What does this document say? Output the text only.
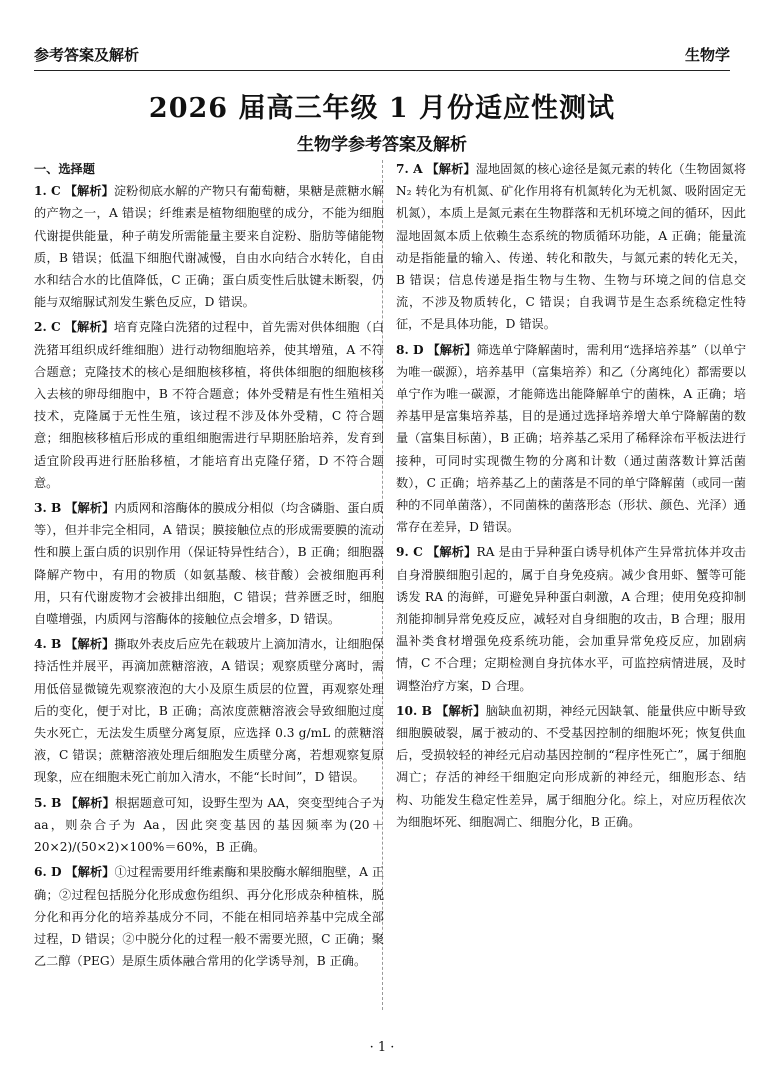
参考答案及解析	生物学
2026 届高三年级 1 月份适应性测试
生物学参考答案及解析
一、选择题
1. C 【解析】淀粉彻底水解的产物只有葡萄糖，果糖是蔗糖水解的产物之一，A 错误；纤维素是植物细胞壁的成分，不能为细胞代谢提供能量，种子萌发所需能量主要来自淀粉、脂肪等储能物质，B 错误；低温下细胞代谢减慢，自由水向结合水转化，自由水和结合水的比值降低，C 正确；蛋白质变性后肽键未断裂，仍能与双缩脲试剂发生紫色反应，D 错误。
2. C 【解析】培育克隆白洗猪的过程中，首先需对供体细胞（白洗猪耳组织成纤维细胞）进行动物细胞培养，使其增殖，A 不符合题意；克隆技术的核心是细胞核移植，将供体细胞的细胞核移入去核的卵母细胞中，B 不符合题意；体外受精是有性生殖相关技术，克隆属于无性生殖，该过程不涉及体外受精，C 符合题意；细胞核移植后形成的重组细胞需进行早期胚胎培养，发育到适宜阶段再进行胚胎移植，才能培育出克隆仔猪，D 不符合题意。
3. B 【解析】内质网和溶酶体的膜成分相似（均含磷脂、蛋白质等），但并非完全相同，A 错误；膜接触位点的形成需要膜的流动性和膜上蛋白质的识别作用（保证特异性结合），B 正确；细胞器降解产物中，有用的物质（如氨基酸、核苷酸）会被细胞再利用，只有代谢废物才会被排出细胞，C 错误；营养匮乏时，细胞自噬增强，内质网与溶酶体的接触位点会增多，D 错误。
4. B 【解析】撕取外表皮后应先在载玻片上滴加清水，让细胞保持活性并展平，再滴加蔗糖溶液，A 错误；观察质壁分离时，需用低倍显微镜先观察液泡的大小及原生质层的位置，再观察处理后的变化，便于对比，B 正确；高浓度蔗糖溶液会导致细胞过度失水死亡，无法发生质壁分离复原，应选择 0.3 g/mL 的蔗糖溶液，C 错误；蔗糖溶液处理后细胞发生质壁分离，若想观察复原现象，应在细胞未死亡前加入清水，不能“长时间”，D 错误。
5. B 【解析】根据题意可知，设野生型为 AA，突变型纯合子为 aa，则杂合子为 Aa，因此突变基因的基因频率为(20＋20×2)/(50×2)×100%＝60%，B 正确。
6. D 【解析】①过程需要用纤维素酶和果胶酶水解细胞壁，A 正确；②过程包括脱分化形成愈伤组织、再分化形成杂种植株，脱分化和再分化的培养基成分不同，不能在相同培养基中完成全部过程，D 错误；②中脱分化的过程一般不需要光照，C 正确；聚乙二醇（PEG）是原生质体融合常用的化学诱导剂，B 正确。
7. A 【解析】湿地固氮的核心途径是氮元素的转化（生物固氮将 N₂ 转化为有机氮、矿化作用将有机氮转化为无机氮、吸附固定无机氮），本质上是氮元素在生物群落和无机环境之间的循环，因此湿地固氮本质上依赖生态系统的物质循环功能，A 正确；能量流动是指能量的输入、传递、转化和散失，与氮元素的转化无关，B 错误；信息传递是指生物与生物、生物与环境之间的信息交流，不涉及物质转化，C 错误；自我调节是生态系统稳定性特征，不是具体功能，D 错误。
8. D 【解析】筛选单宁降解菌时，需利用“选择培养基”（以单宁为唯一碳源），培养基甲（富集培养）和乙（分离纯化）都需要以单宁作为唯一碳源，才能筛选出能降解单宁的菌株，A 正确；培养基甲是富集培养基，目的是通过选择培养增大单宁降解菌的数量（富集目标菌），B 正确；培养基乙采用了稀释涂布平板法进行接种，可同时实现微生物的分离和计数（通过菌落数计算活菌数），C 正确；培养基乙上的菌落是不同的单宁降解菌（或同一菌种的不同单菌落），不同菌株的菌落形态（形状、颜色、光泽）通常存在差异，D 错误。
9. C 【解析】RA 是由于异种蛋白诱导机体产生异常抗体并攻击自身滑膜细胞引起的，属于自身免疫病。减少食用虾、蟹等可能诱发 RA 的海鲜，可避免异种蛋白刺激，A 合理；使用免疫抑制剂能抑制异常免疫反应，减轻对自身细胞的攻击，B 合理；服用温补类食材增强免疫系统功能，会加重异常免疫反应，加剧病情，C 不合理；定期检测自身抗体水平，可监控病情进展，及时调整治疗方案，D 合理。
10. B 【解析】脑缺血初期，神经元因缺氧、能量供应中断导致细胞膜破裂，属于被动的、不受基因控制的细胞坏死；恢复供血后，受损较轻的神经元启动基因控制的“程序性死亡”，属于细胞凋亡；存活的神经干细胞定向形成新的神经元，细胞形态、结构、功能发生稳定性差异，属于细胞分化。综上，对应历程依次为细胞坏死、细胞凋亡、细胞分化，B 正确。
· 1 ·
